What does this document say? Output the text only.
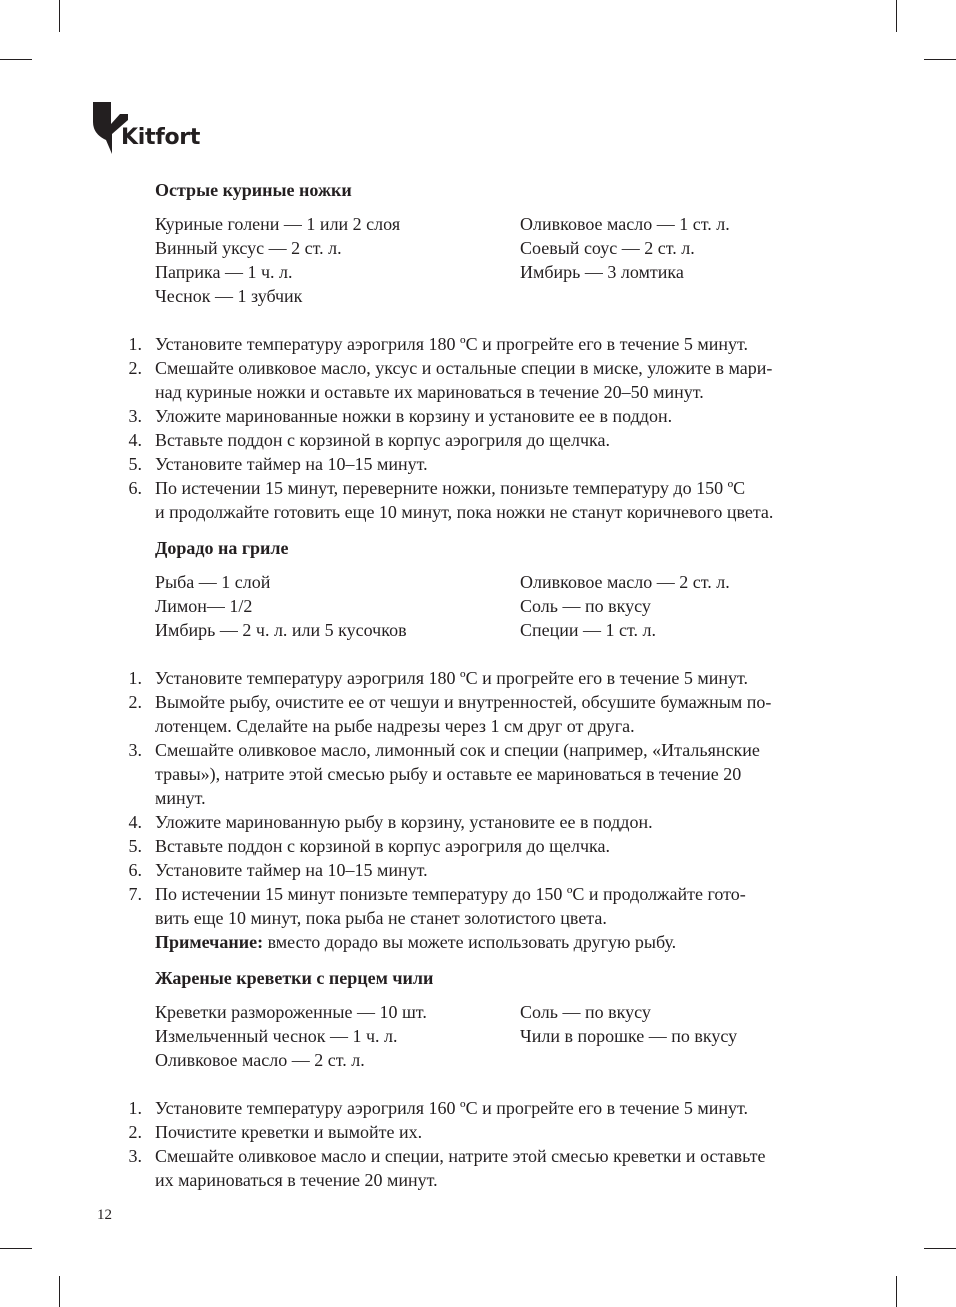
Kitfort
Острые куриные ножки
Куриные голени — 1 или 2 слоя
Винный уксус — 2 ст. л.
Паприка — 1 ч. л.
Чеснок — 1 зубчик
Оливковое масло — 1 ст. л.
Соевый соус — 2 ст. л.
Имбирь — 3 ломтика
1. Установите температуру аэрогриля 180 ºC и прогрейте его в течение 5 минут.
2. Смешайте оливковое масло, уксус и остальные специи в миске, уложите в мари-
над куриные ножки и оставьте их мариноваться в течение 20–50 минут.
3. Уложите маринованные ножки в корзину и установите ее в поддон.
4. Вставьте поддон с корзиной в корпус аэрогриля до щелчка.
5. Установите таймер на 10–15 минут.
6. По истечении 15 минут, переверните ножки, понизьте температуру до 150 ºC
и продолжайте готовить еще 10 минут, пока ножки не станут коричневого цвета.
Дорадо на гриле
Рыба — 1 слой
Лимон— 1/2
Имбирь — 2 ч. л. или 5 кусочков
Оливковое масло — 2 ст. л.
Соль — по вкусу
Специи — 1 ст. л.
1. Установите температуру аэрогриля 180 ºC и прогрейте его в течение 5 минут.
2. Вымойте рыбу, очистите ее от чешуи и внутренностей, обсушите бумажным по-
лотенцем. Сделайте на рыбе надрезы через 1 см друг от друга.
3. Смешайте оливковое масло, лимонный сок и специи (например, «Итальянские
травы»), натрите этой смесью рыбу и оставьте ее мариноваться в течение 20
минут.
4. Уложите маринованную рыбу в корзину, установите ее в поддон.
5. Вставьте поддон с корзиной в корпус аэрогриля до щелчка.
6. Установите таймер на 10–15 минут.
7. По истечении 15 минут понизьте температуру до 150 ºC и продолжайте гото-
вить еще 10 минут, пока рыба не станет золотистого цвета.
Примечание: вместо дорадо вы можете использовать другую рыбу.
Жареные креветки с перцем чили
Креветки размороженные — 10 шт.
Измельченный чеснок — 1 ч. л.
Оливковое масло — 2 ст. л.
Соль — по вкусу
Чили в порошке — по вкусу
1. Установите температуру аэрогриля 160 ºC и прогрейте его в течение 5 минут.
2. Почистите креветки и вымойте их.
3. Смешайте оливковое масло и специи, натрите этой смесью креветки и оставьте
их мариноваться в течение 20 минут.
12
